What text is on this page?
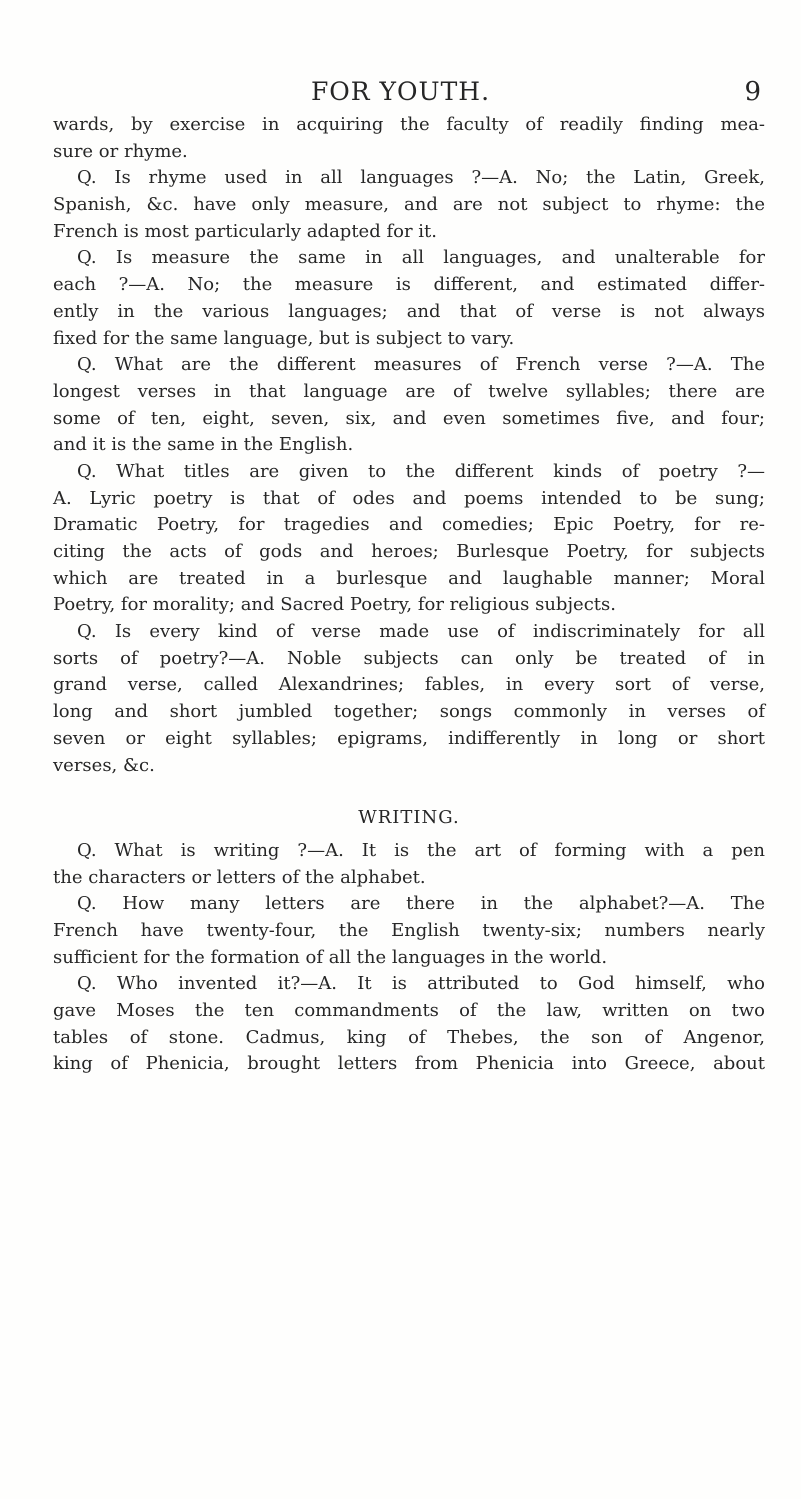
FOR YOUTH.	9
wards, by exercise in acquiring the faculty of readily finding mea-
sure or rhyme.
Q. Is rhyme used in all languages ?—A. No; the Latin, Greek,
Spanish, &c. have only measure, and are not subject to rhyme: the
French is most particularly adapted for it.
Q. Is measure the same in all languages, and unalterable for
each ?—A. No; the measure is different, and estimated differ-
ently in the various languages; and that of verse is not always
fixed for the same language, but is subject to vary.
Q. What are the different measures of French verse ?—A. The
longest verses in that language are of twelve syllables; there are
some of ten, eight, seven, six, and even sometimes five, and four;
and it is the same in the English.
Q. What titles are given to the different kinds of poetry ?—
A. Lyric poetry is that of odes and poems intended to be sung;
Dramatic Poetry, for tragedies and comedies; Epic Poetry, for re-
citing the acts of gods and heroes; Burlesque Poetry, for subjects
which are treated in a burlesque and laughable manner; Moral
Poetry, for morality; and Sacred Poetry, for religious subjects.
Q. Is every kind of verse made use of indiscriminately for all
sorts of poetry?—A. Noble subjects can only be treated of in
grand verse, called Alexandrines; fables, in every sort of verse,
long and short jumbled together; songs commonly in verses of
seven or eight syllables; epigrams, indifferently in long or short
verses, &c.
WRITING.
Q. What is writing ?—A. It is the art of forming with a pen
the characters or letters of the alphabet.
Q. How many letters are there in the alphabet?—A. The
French have twenty-four, the English twenty-six; numbers nearly
sufficient for the formation of all the languages in the world.
Q. Who invented it?—A. It is attributed to God himself, who
gave Moses the ten commandments of the law, written on two
tables of stone. Cadmus, king of Thebes, the son of Angenor,
king of Phenicia, brought letters from Phenicia into Greece, about
